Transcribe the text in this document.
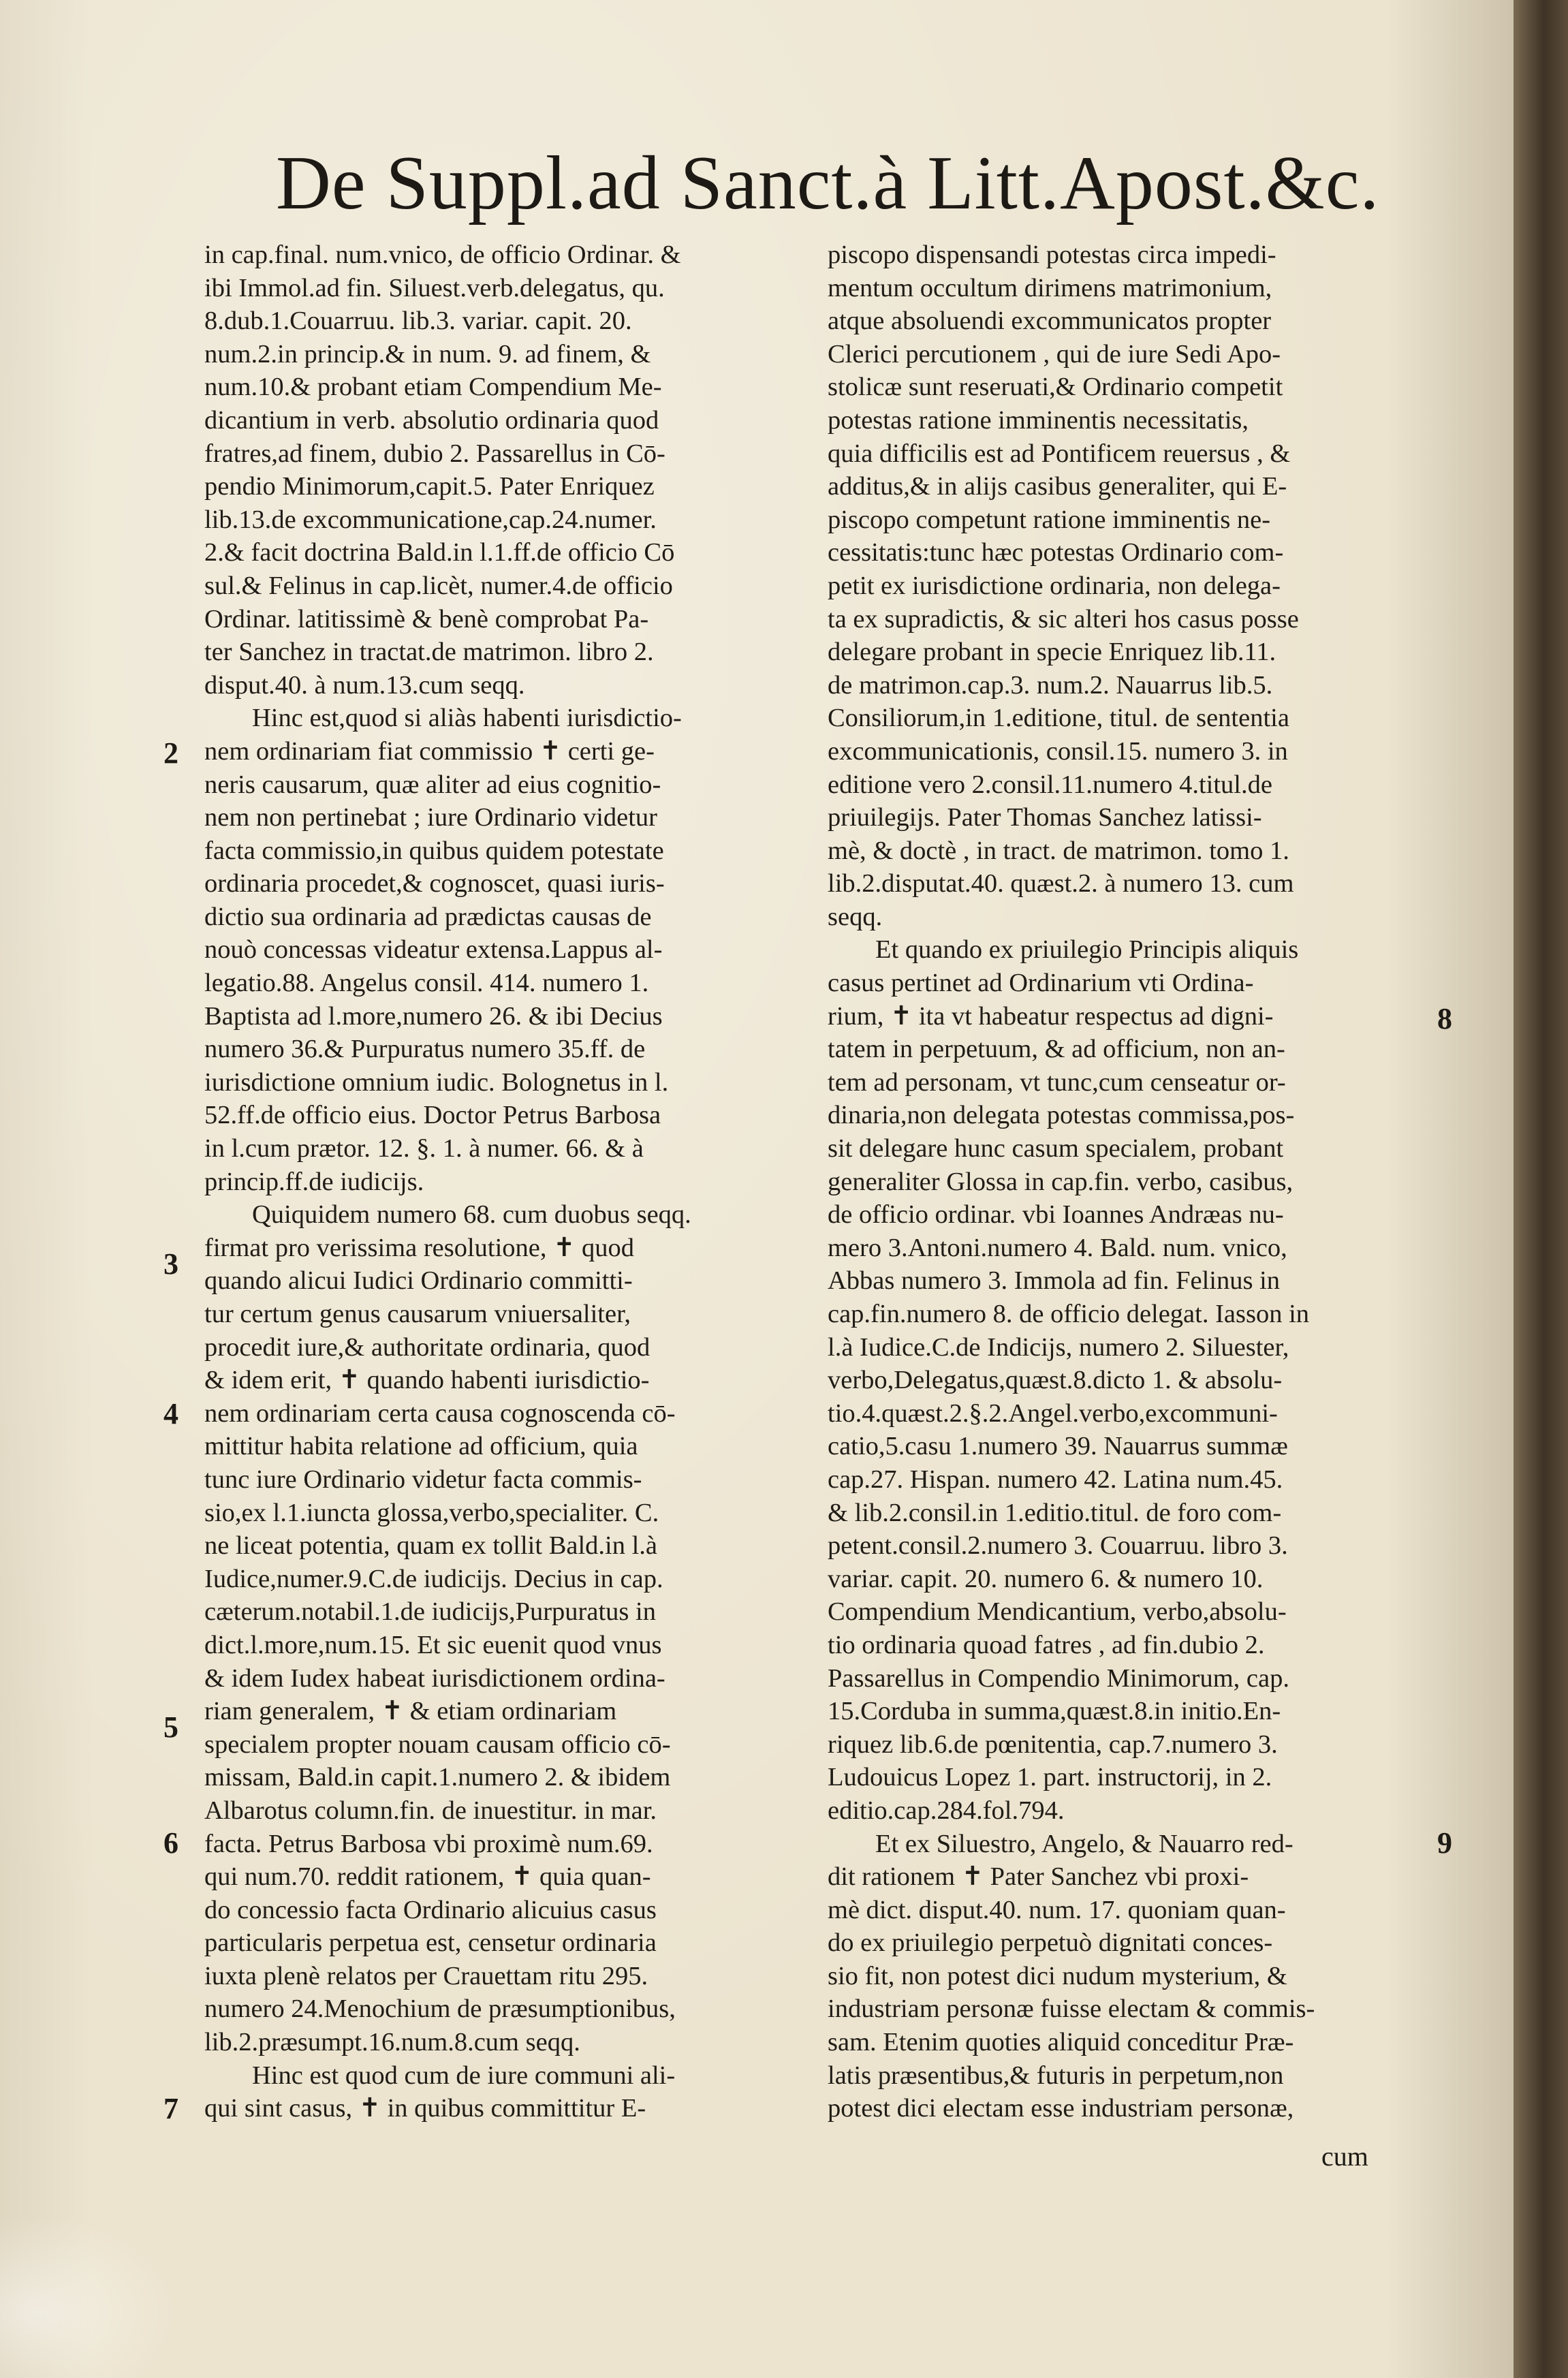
De Suppl.ad Sanct.à Litt.Apost.&c.
in cap.final. num.vnico, de officio Ordinar. &
ibi Immol.ad fin. Siluest.verb.delegatus, qu.
8.dub.1.Couarruu. lib.3. variar. capit. 20.
num.2.in princip.& in num. 9. ad finem, &
num.10.& probant etiam Compendium Me-
dicantium in verb. absolutio ordinaria quod
fratres,ad finem, dubio 2. Passarellus in Cō-
pendio Minimorum,capit.5. Pater Enriquez
lib.13.de excommunicatione,cap.24.numer.
2.& facit doctrina Bald.in l.1.ff.de officio Cō
sul.& Felinus in cap.licèt, numer.4.de officio
Ordinar. latitissimè & benè comprobat Pa-
ter Sanchez in tractat.de matrimon. libro 2.
disput.40. à num.13.cum seqq.
Hinc est,quod si aliàs habenti iurisdictio-
nem ordinariam fiat commissio ✝ certi ge-
neris causarum, quæ aliter ad eius cognitio-
nem non pertinebat ; iure Ordinario videtur
facta commissio,in quibus quidem potestate
ordinaria procedet,& cognoscet, quasi iuris-
dictio sua ordinaria ad prædictas causas de
nouò concessas videatur extensa.Lappus al-
legatio.88. Angelus consil. 414. numero 1.
Baptista ad l.more,numero 26. & ibi Decius
numero 36.& Purpuratus numero 35.ff. de
iurisdictione omnium iudic. Bolognetus in l.
52.ff.de officio eius. Doctor Petrus Barbosa
in l.cum prætor. 12. §. 1. à numer. 66. & à
princip.ff.de iudicijs.
Quiquidem numero 68. cum duobus seqq.
firmat pro verissima resolutione, ✝ quod
quando alicui Iudici Ordinario committi-
tur certum genus causarum vniuersaliter,
procedit iure,& authoritate ordinaria, quod
& idem erit, ✝ quando habenti iurisdictio-
nem ordinariam certa causa cognoscenda cō-
mittitur habita relatione ad officium, quia
tunc iure Ordinario videtur facta commis-
sio,ex l.1.iuncta glossa,verbo,specialiter. C.
ne liceat potentia, quam ex tollit Bald.in l.à
Iudice,numer.9.C.de iudicijs. Decius in cap.
cæterum.notabil.1.de iudicijs,Purpuratus in
dict.l.more,num.15. Et sic euenit quod vnus
& idem Iudex habeat iurisdictionem ordina-
riam generalem, ✝ & etiam ordinariam
specialem propter nouam causam officio cō-
missam, Bald.in capit.1.numero 2. & ibidem
Albarotus column.fin. de inuestitur. in mar.
facta. Petrus Barbosa vbi proximè num.69.
qui num.70. reddit rationem, ✝ quia quan-
do concessio facta Ordinario alicuius casus
particularis perpetua est, censetur ordinaria
iuxta plenè relatos per Crauettam ritu 295.
numero 24.Menochium de præsumptionibus,
lib.2.præsumpt.16.num.8.cum seqq.
Hinc est quod cum de iure communi ali-
qui sint casus, ✝ in quibus committitur E-
piscopo dispensandi potestas circa impedi-
mentum occultum dirimens matrimonium,
atque absoluendi excommunicatos propter
Clerici percutionem , qui de iure Sedi Apo-
stolicæ sunt reseruati,& Ordinario competit
potestas ratione imminentis necessitatis,
quia difficilis est ad Pontificem reuersus , &
additus,& in alijs casibus generaliter, qui E-
piscopo competunt ratione imminentis ne-
cessitatis:tunc hæc potestas Ordinario com-
petit ex iurisdictione ordinaria, non delega-
ta ex supradictis, & sic alteri hos casus posse
delegare probant in specie Enriquez lib.11.
de matrimon.cap.3. num.2. Nauarrus lib.5.
Consiliorum,in 1.editione, titul. de sententia
excommunicationis, consil.15. numero 3. in
editione vero 2.consil.11.numero 4.titul.de
priuilegijs. Pater Thomas Sanchez latissi-
mè, & doctè , in tract. de matrimon. tomo 1.
lib.2.disputat.40. quæst.2. à numero 13. cum
seqq.
Et quando ex priuilegio Principis aliquis
casus pertinet ad Ordinarium vti Ordina-
rium, ✝ ita vt habeatur respectus ad digni-
tatem in perpetuum, & ad officium, non an-
tem ad personam, vt tunc,cum censeatur or-
dinaria,non delegata potestas commissa,pos-
sit delegare hunc casum specialem, probant
generaliter Glossa in cap.fin. verbo, casibus,
de officio ordinar. vbi Ioannes Andræas nu-
mero 3.Antoni.numero 4. Bald. num. vnico,
Abbas numero 3. Immola ad fin. Felinus in
cap.fin.numero 8. de officio delegat. Iasson in
l.à Iudice.C.de Indicijs, numero 2. Siluester,
verbo,Delegatus,quæst.8.dicto 1. & absolu-
tio.4.quæst.2.§.2.Angel.verbo,excommuni-
catio,5.casu 1.numero 39. Nauarrus summæ
cap.27. Hispan. numero 42. Latina num.45.
& lib.2.consil.in 1.editio.titul. de foro com-
petent.consil.2.numero 3. Couarruu. libro 3.
variar. capit. 20. numero 6. & numero 10.
Compendium Mendicantium, verbo,absolu-
tio ordinaria quoad fatres , ad fin.dubio 2.
Passarellus in Compendio Minimorum, cap.
15.Corduba in summa,quæst.8.in initio.En-
riquez lib.6.de pœnitentia, cap.7.numero 3.
Ludouicus Lopez 1. part. instructorij, in 2.
editio.cap.284.fol.794.
Et ex Siluestro, Angelo, & Nauarro red-
dit rationem ✝ Pater Sanchez vbi proxi-
mè dict. disput.40. num. 17. quoniam quan-
do ex priuilegio perpetuò dignitati conces-
sio fit, non potest dici nudum mysterium, &
industriam personæ fuisse electam & commis-
sam. Etenim quoties aliquid conceditur Præ-
latis præsentibus,& futuris in perpetum,non
potest dici electam esse industriam personæ,
2
3
4
5
6
7
8
9
cum
